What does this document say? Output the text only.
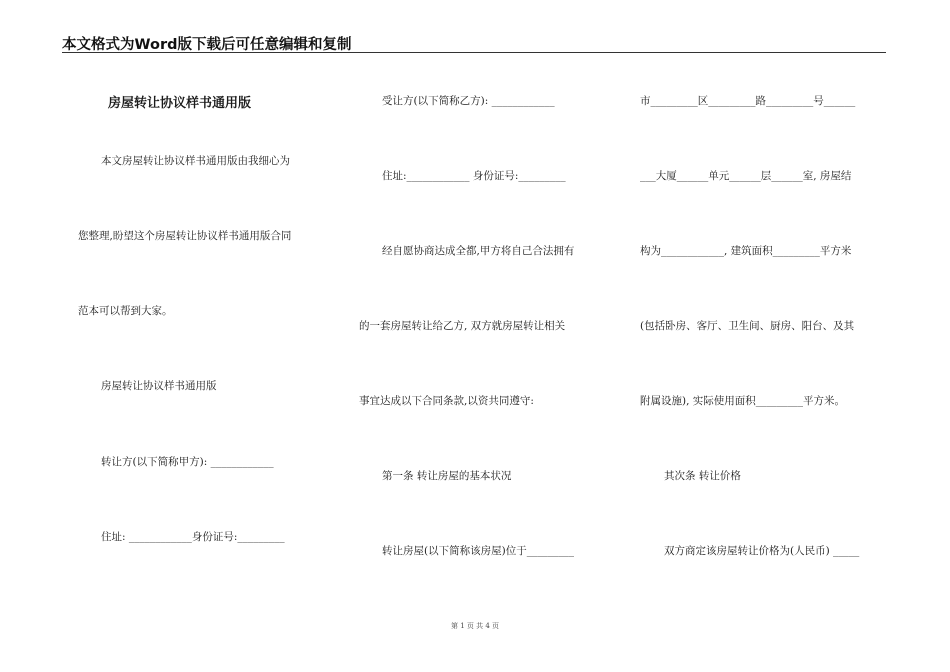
本文格式为Word版下载后可任意编辑和复制
房屋转让协议样书通用版
本文房屋转让协议样书通用版由我细心为
您整理,盼望这个房屋转让协议样书通用版合同
范本可以帮到大家。
房屋转让协议样书通用版
转让方(以下简称甲方): ____________
住址: ____________身份证号:_________
受让方(以下简称乙方): ____________
住址:____________ 身份证号:_________
经自愿协商达成全都,甲方将自己合法拥有
的一套房屋转让给乙方, 双方就房屋转让相关
事宜达成以下合同条款,以资共同遵守:
第一条 转让房屋的基本状况
转让房屋(以下简称该房屋)位于_________
市_________区_________路_________号______
___大厦______单元______层______室, 房屋结
构为____________, 建筑面积_________平方米
(包括卧房、客厅、卫生间、厨房、阳台、及其
附属设施), 实际使用面积_________平方米。
其次条 转让价格
双方商定该房屋转让价格为(人民币) _____
第 1 页 共 4 页
